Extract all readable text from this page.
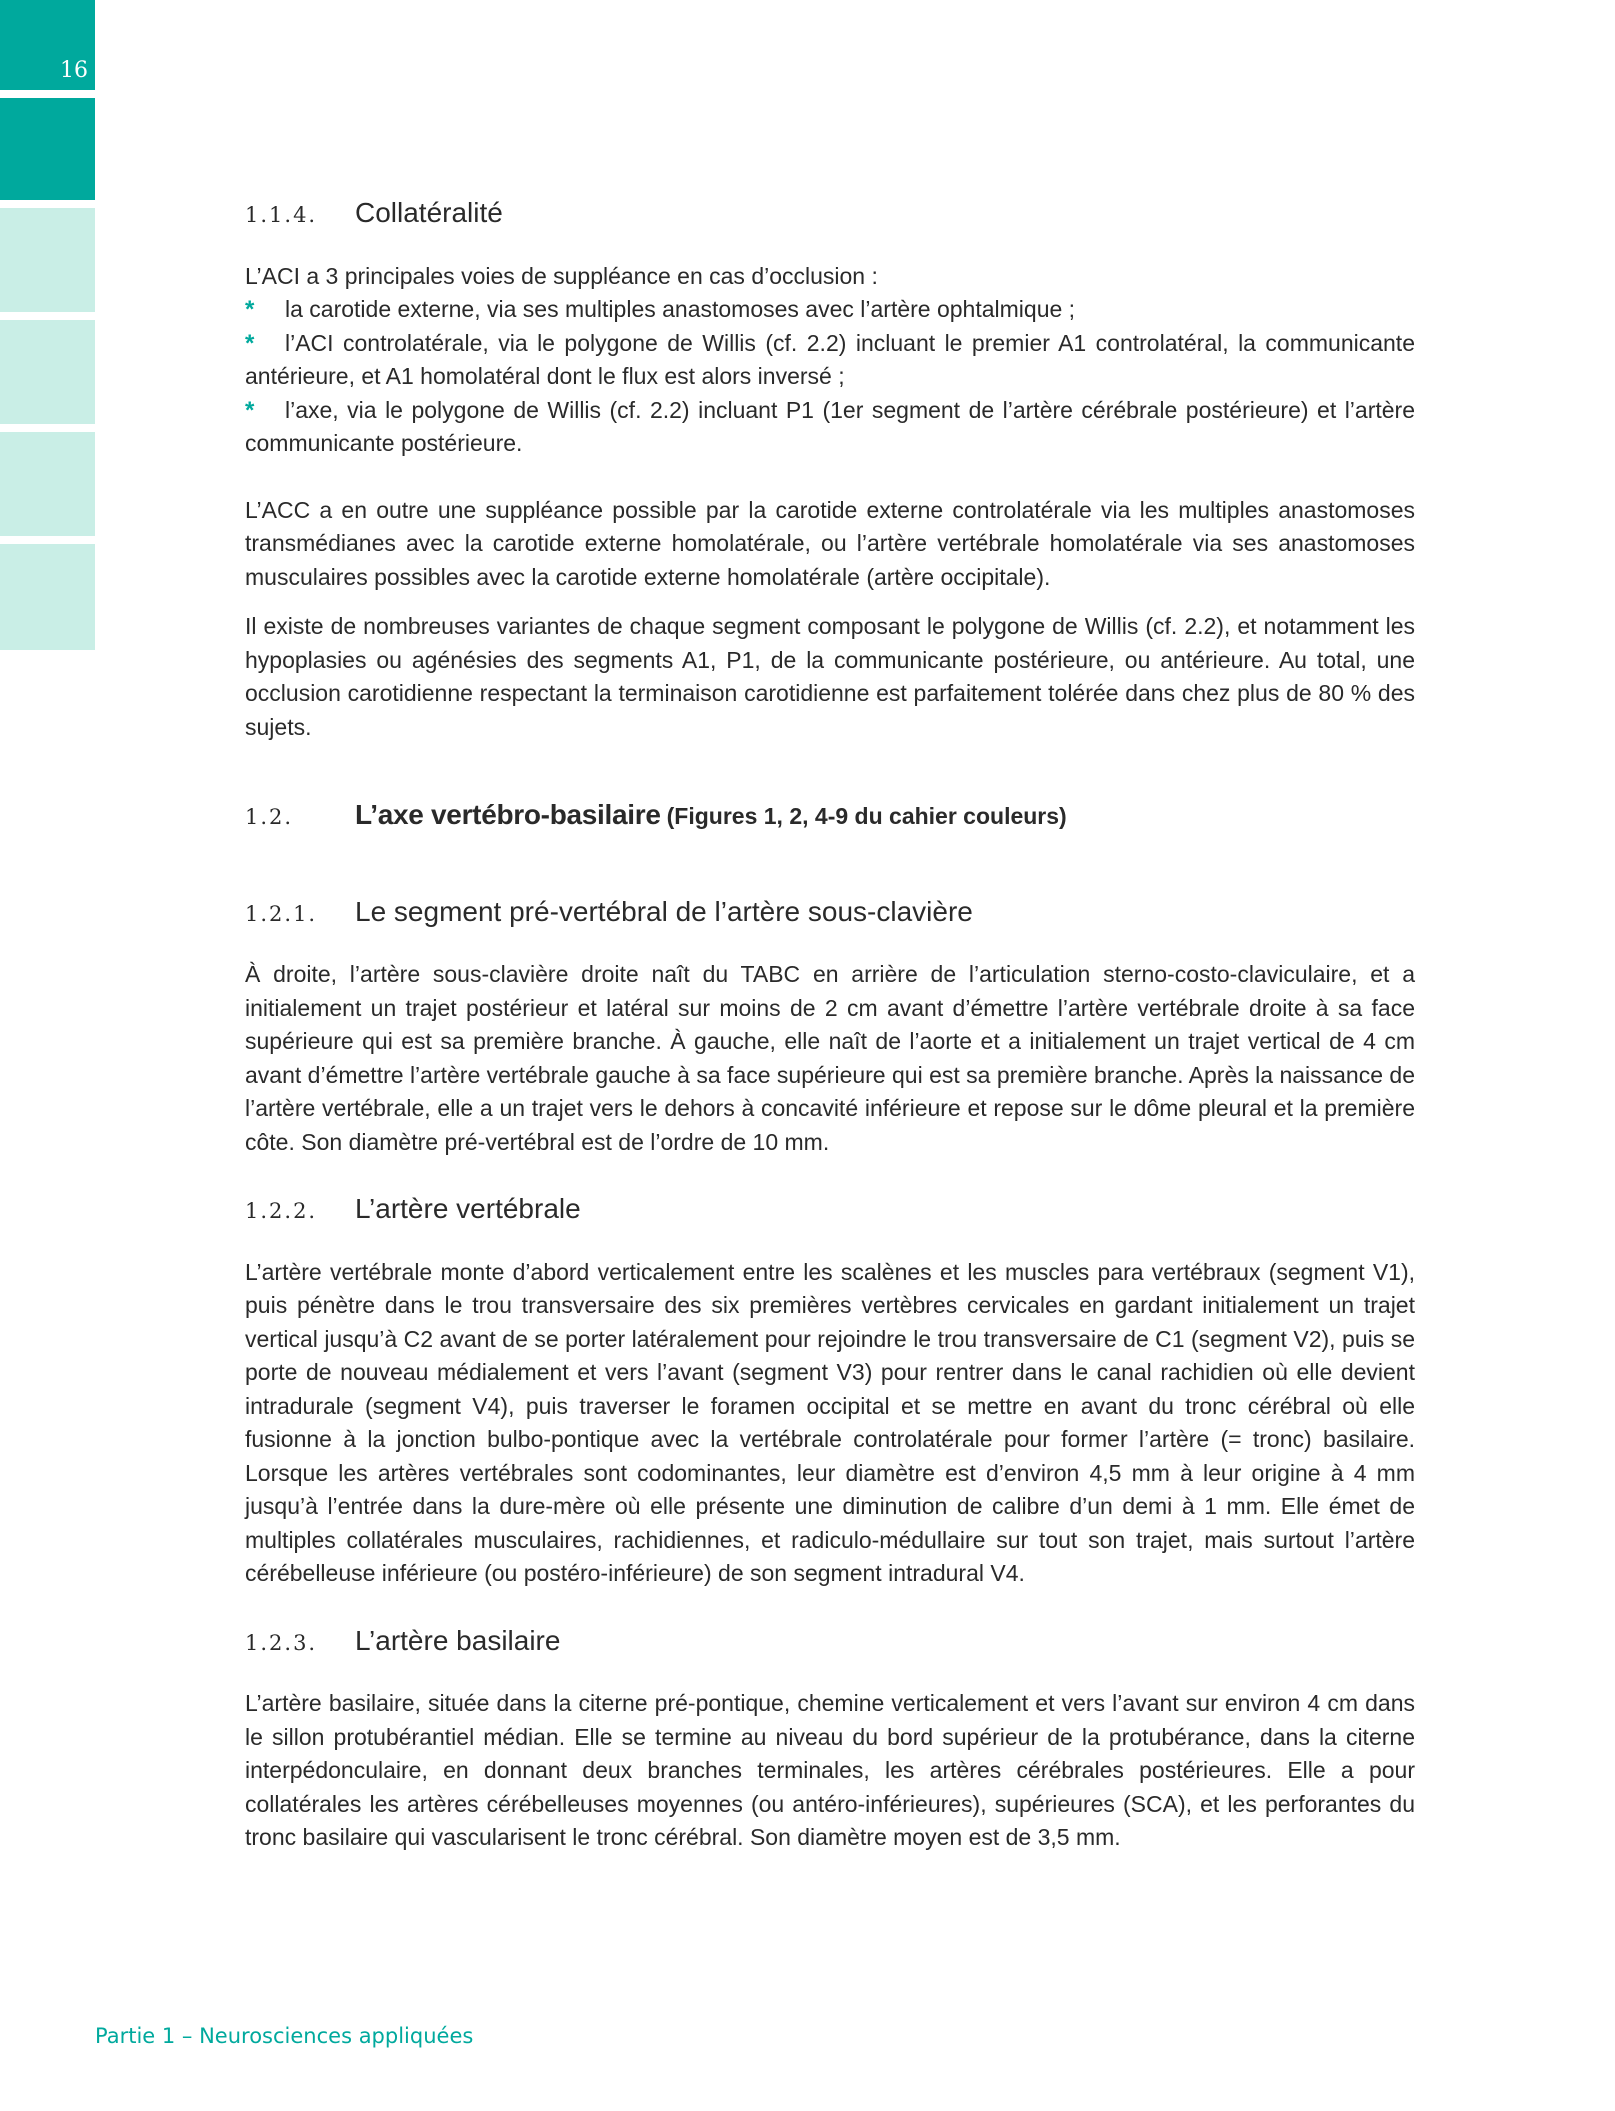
16
1.1.4.	Collatéralité

L’ACI a 3 principales voies de suppléance en cas d’occlusion :

*	la carotide externe, via ses multiples anastomoses avec l’artère ophtalmique ;
*	l’ACI controlatérale, via le polygone de Willis (cf. 2.2) incluant le premier A1 controlatéral, la communicante antérieure, et A1 homolatéral dont le flux est alors inversé ;
*	l’axe, via le polygone de Willis (cf. 2.2) incluant P1 (1er segment de l’artère cérébrale postérieure) et l’artère communicante postérieure.

L’ACC a en outre une suppléance possible par la carotide externe controlatérale via les multiples anastomoses transmédianes avec la carotide externe homolatérale, ou l’artère vertébrale homolatérale via ses anastomoses musculaires possibles avec la carotide externe homolatérale (artère occipitale).

Il existe de nombreuses variantes de chaque segment composant le polygone de Willis (cf. 2.2), et notamment les hypoplasies ou agénésies des segments A1, P1, de la communicante postérieure, ou antérieure. Au total, une occlusion carotidienne respectant la terminaison carotidienne est parfaitement tolérée dans chez plus de 80 % des sujets.

1.2.	L’axe vertébro-basilaire (Figures 1, 2, 4-9 du cahier couleurs)
1.2.1.	Le segment pré-vertébral de l’artère sous-clavière

À droite, l’artère sous-clavière droite naît du TABC en arrière de l’articulation sterno-costo-claviculaire, et a initialement un trajet postérieur et latéral sur moins de 2 cm avant d’émettre l’artère vertébrale droite à sa face supérieure qui est sa première branche. À gauche, elle naît de l’aorte et a initialement un trajet vertical de 4 cm avant d’émettre l’artère vertébrale gauche à sa face supérieure qui est sa première branche. Après la naissance de l’artère vertébrale, elle a un trajet vers le dehors à concavité inférieure et repose sur le dôme pleural et la première côte. Son diamètre pré-vertébral est de l’ordre de 10 mm.

1.2.2.	L’artère vertébrale

L’artère vertébrale monte d’abord verticalement entre les scalènes et les muscles para vertébraux (segment V1), puis pénètre dans le trou transversaire des six premières vertèbres cervicales en gardant initialement un trajet vertical jusqu’à C2 avant de se porter latéralement pour rejoindre le trou transversaire de C1 (segment V2), puis se porte de nouveau médialement et vers l’avant (segment V3) pour rentrer dans le canal rachidien où elle devient intradurale (segment V4), puis traverser le foramen occipital et se mettre en avant du tronc cérébral où elle fusionne à la jonction bulbo-pontique avec la vertébrale controlatérale pour former l’artère (= tronc) basilaire. Lorsque les artères vertébrales sont codominantes, leur diamètre est d’environ 4,5 mm à leur origine à 4 mm jusqu’à l’entrée dans la dure-mère où elle présente une diminution de calibre d’un demi à 1 mm. Elle émet de multiples collatérales musculaires, rachidiennes, et radiculo-médullaire sur tout son trajet, mais surtout l’artère cérébelleuse inférieure (ou postéro-inférieure) de son segment intradural V4.

1.2.3.	L’artère basilaire

L’artère basilaire, située dans la citerne pré-pontique, chemine verticalement et vers l’avant sur environ 4 cm dans le sillon protubérantiel médian. Elle se termine au niveau du bord supérieur de la protubérance, dans la citerne interpédonculaire, en donnant deux branches terminales, les artères cérébrales postérieures. Elle a pour collatérales les artères cérébelleuses moyennes (ou antéro-inférieures), supérieures (SCA), et les perforantes du tronc basilaire qui vascularisent le tronc cérébral. Son diamètre moyen est de 3,5 mm.

Partie 1 – Neurosciences appliquées
